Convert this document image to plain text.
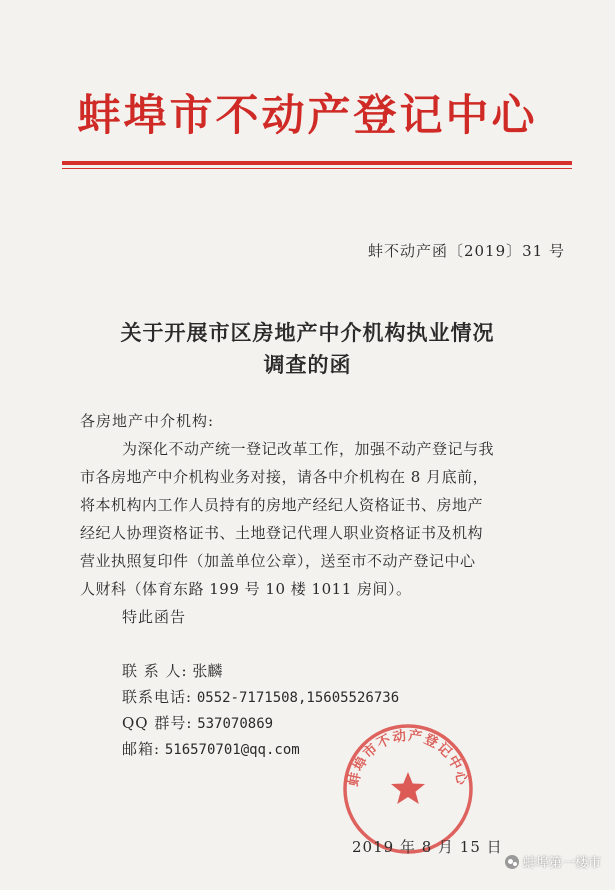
蚌埠市不动产登记中心
蚌不动产函〔2019〕31 号
关于开展市区房地产中介机构执业情况
调查的函
各房地产中介机构:
为深化不动产统一登记改革工作，加强不动产登记与我
市各房地产中介机构业务对接，请各中介机构在 8 月底前，
将本机构内工作人员持有的房地产经纪人资格证书、房地产
经纪人协理资格证书、土地登记代理人职业资格证书及机构
营业执照复印件（加盖单位公章），送至市不动产登记中心
人财科（体育东路 199 号 10 楼 1011 房间）。
特此函告
联 系 人: 张麟
联系电话: 0552-7171508,15605526736
QQ 群号: 537070869
邮箱: 516570701@qq.com
蚌埠市不动产登记中心
2019 年 8 月 15 日
蚌埠第一楼市
